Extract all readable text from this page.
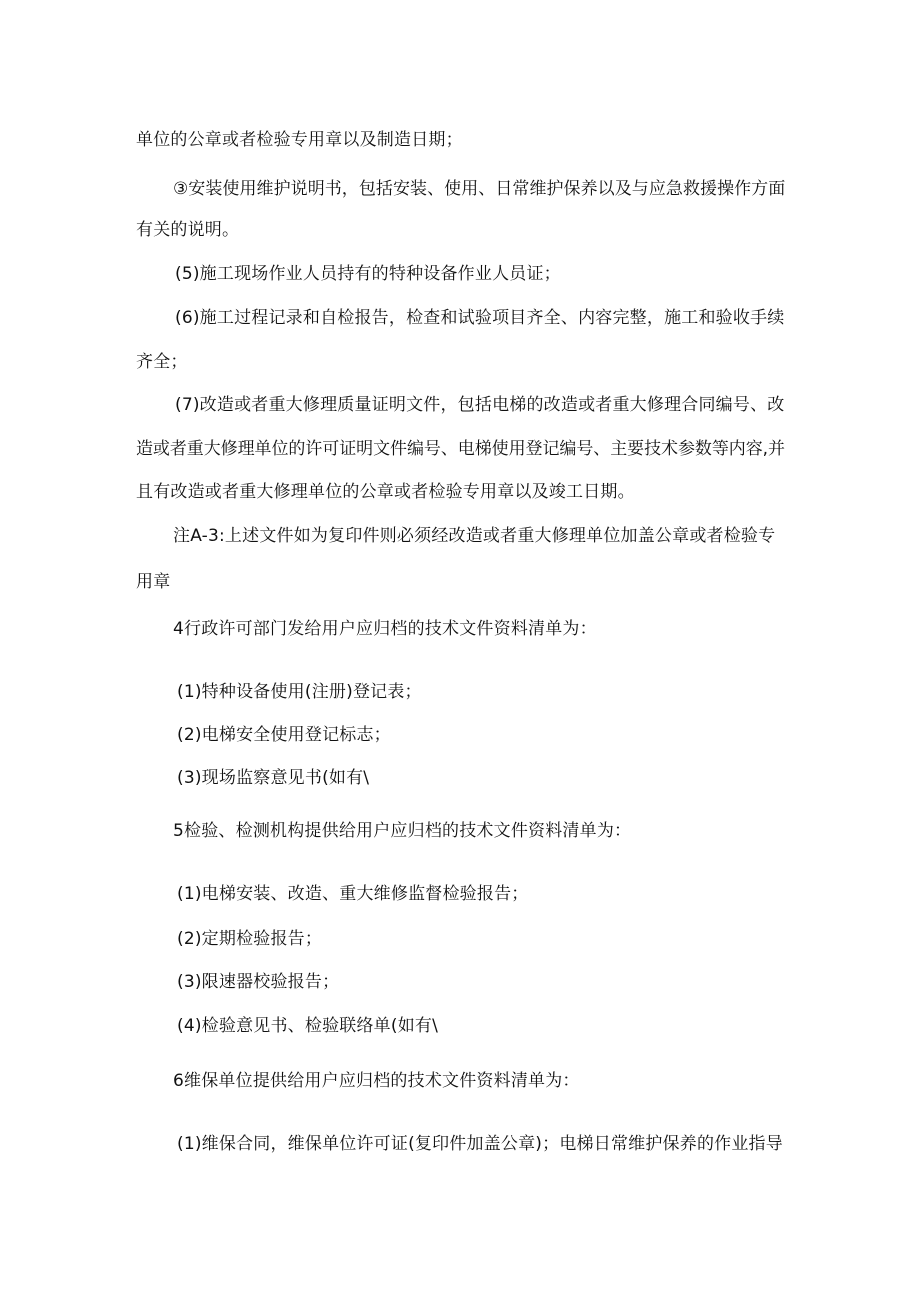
单位的公章或者检验专用章以及制造日期；
③安装使用维护说明书，包括安装、使用、日常维护保养以及与应急救援操作方面
有关的说明。
(5)施工现场作业人员持有的特种设备作业人员证；
(6)施工过程记录和自检报告，检查和试验项目齐全、内容完整，施工和验收手续
齐全；
(7)改造或者重大修理质量证明文件，包括电梯的改造或者重大修理合同编号、改
造或者重大修理单位的许可证明文件编号、电梯使用登记编号、主要技术参数等内容,并
且有改造或者重大修理单位的公章或者检验专用章以及竣工日期。
注A-3:上述文件如为复印件则必须经改造或者重大修理单位加盖公章或者检验专
用章
4行政许可部门发给用户应归档的技术文件资料清单为：
(1)特种设备使用(注册)登记表；
(2)电梯安全使用登记标志；
(3)现场监察意见书(如有\
5检验、检测机构提供给用户应归档的技术文件资料清单为：
(1)电梯安装、改造、重大维修监督检验报告；
(2)定期检验报告；
(3)限速器校验报告；
(4)检验意见书、检验联络单(如有\
6维保单位提供给用户应归档的技术文件资料清单为：
(1)维保合同，维保单位许可证(复印件加盖公章)；电梯日常维护保养的作业指导
